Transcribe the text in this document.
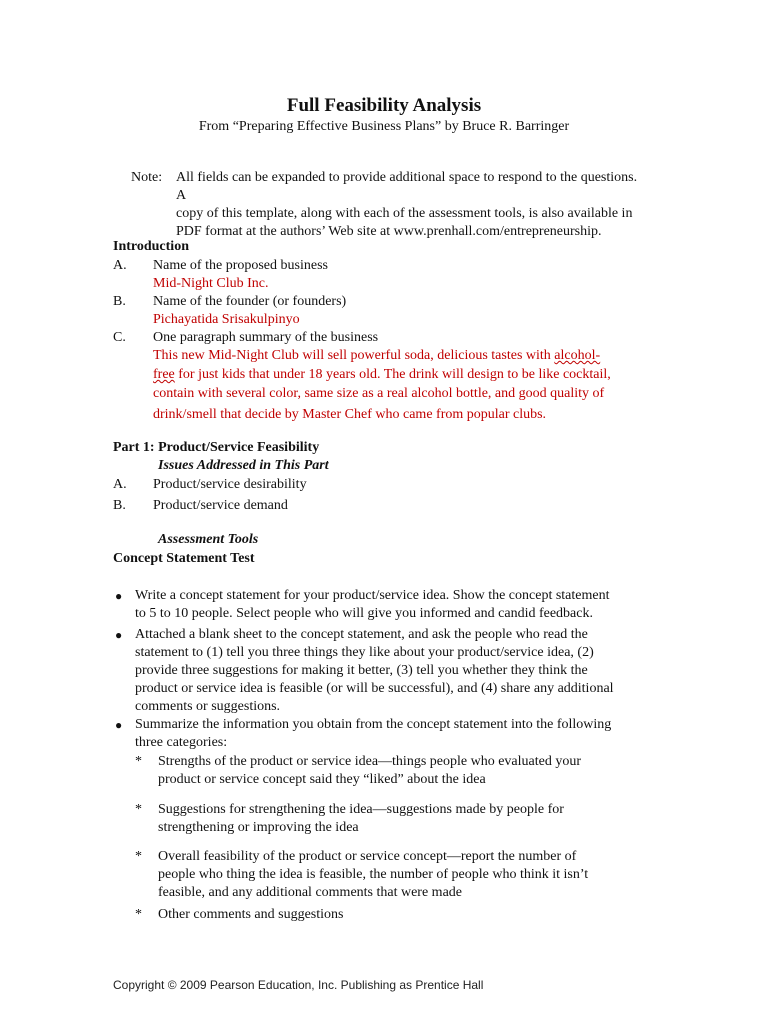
Full Feasibility Analysis
From “Preparing Effective Business Plans” by Bruce R. Barringer
Note: All fields can be expanded to provide additional space to respond to the questions. A
copy of this template, along with each of the assessment tools, is also available in
PDF format at the authors’ Web site at www.prenhall.com/entrepreneurship.
Introduction
A. Name of the proposed business
Mid-Night Club Inc.
B. Name of the founder (or founders)
Pichayatida Srisakulpinyo
C. One paragraph summary of the business
This new Mid-Night Club will sell powerful soda, delicious tastes with alcohol-
free for just kids that under 18 years old. The drink will design to be like cocktail,
contain with several color, same size as a real alcohol bottle, and good quality of
drink/smell that decide by Master Chef who came from popular clubs.
Part 1: Product/Service Feasibility
Issues Addressed in This Part
A. Product/service desirability
B. Product/service demand
Assessment Tools
Concept Statement Test
● Write a concept statement for your product/service idea. Show the concept statement
to 5 to 10 people. Select people who will give you informed and candid feedback.
● Attached a blank sheet to the concept statement, and ask the people who read the
statement to (1) tell you three things they like about your product/service idea, (2)
provide three suggestions for making it better, (3) tell you whether they think the
product or service idea is feasible (or will be successful), and (4) share any additional
comments or suggestions.
● Summarize the information you obtain from the concept statement into the following
three categories:
* Strengths of the product or service idea—things people who evaluated your
product or service concept said they “liked” about the idea
* Suggestions for strengthening the idea—suggestions made by people for
strengthening or improving the idea
* Overall feasibility of the product or service concept—report the number of
people who thing the idea is feasible, the number of people who think it isn’t
feasible, and any additional comments that were made
* Other comments and suggestions
Copyright © 2009 Pearson Education, Inc. Publishing as Prentice Hall
